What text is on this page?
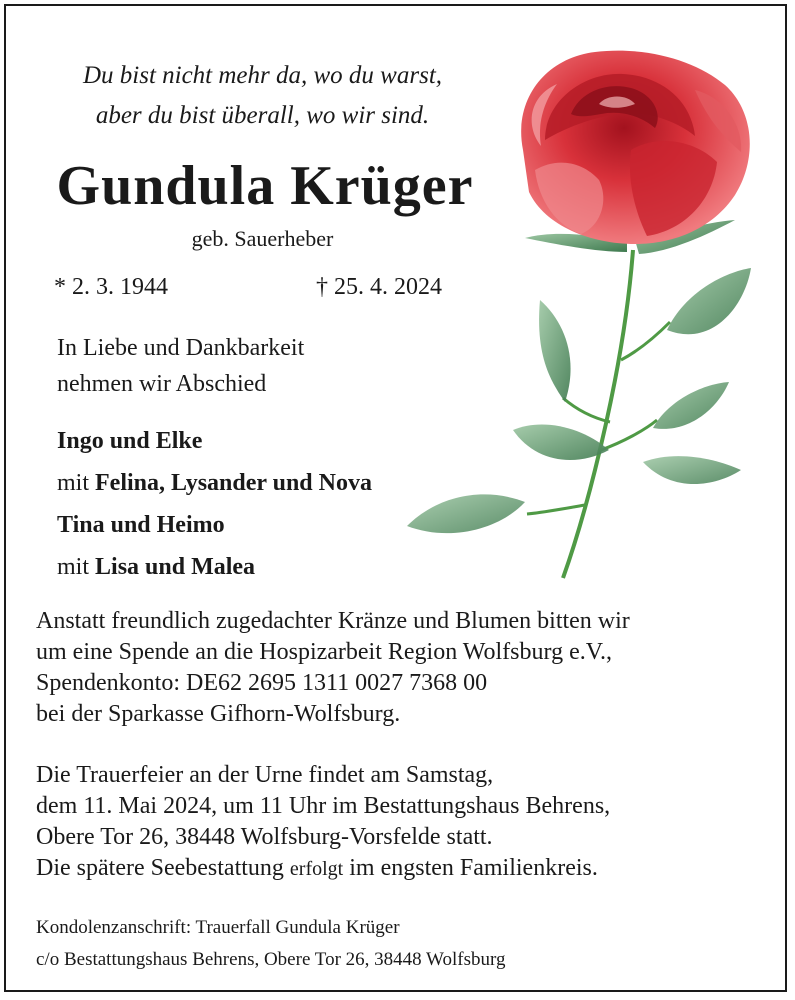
Du bist nicht mehr da, wo du warst,
aber du bist überall, wo wir sind.
Gundula Krüger
geb. Sauerheber
* 2. 3. 1944	† 25. 4. 2024
In Liebe und Dankbarkeit
nehmen wir Abschied
Ingo und Elke
mit Felina, Lysander und Nova
Tina und Heimo
mit Lisa und Malea
Anstatt freundlich zugedachter Kränze und Blumen bitten wir
um eine Spende an die Hospizarbeit Region Wolfsburg e.V.,
Spendenkonto: DE62 2695 1311 0027 7368 00
bei der Sparkasse Gifhorn-Wolfsburg.
Die Trauerfeier an der Urne findet am Samstag,
dem 11. Mai 2024, um 11 Uhr im Bestattungshaus Behrens,
Obere Tor 26, 38448 Wolfsburg-Vorsfelde statt.
Die spätere Seebestattung erfolgt im engsten Familienkreis.
Kondolenzanschrift: Trauerfall Gundula Krüger
c/o Bestattungshaus Behrens, Obere Tor 26, 38448 Wolfsburg
